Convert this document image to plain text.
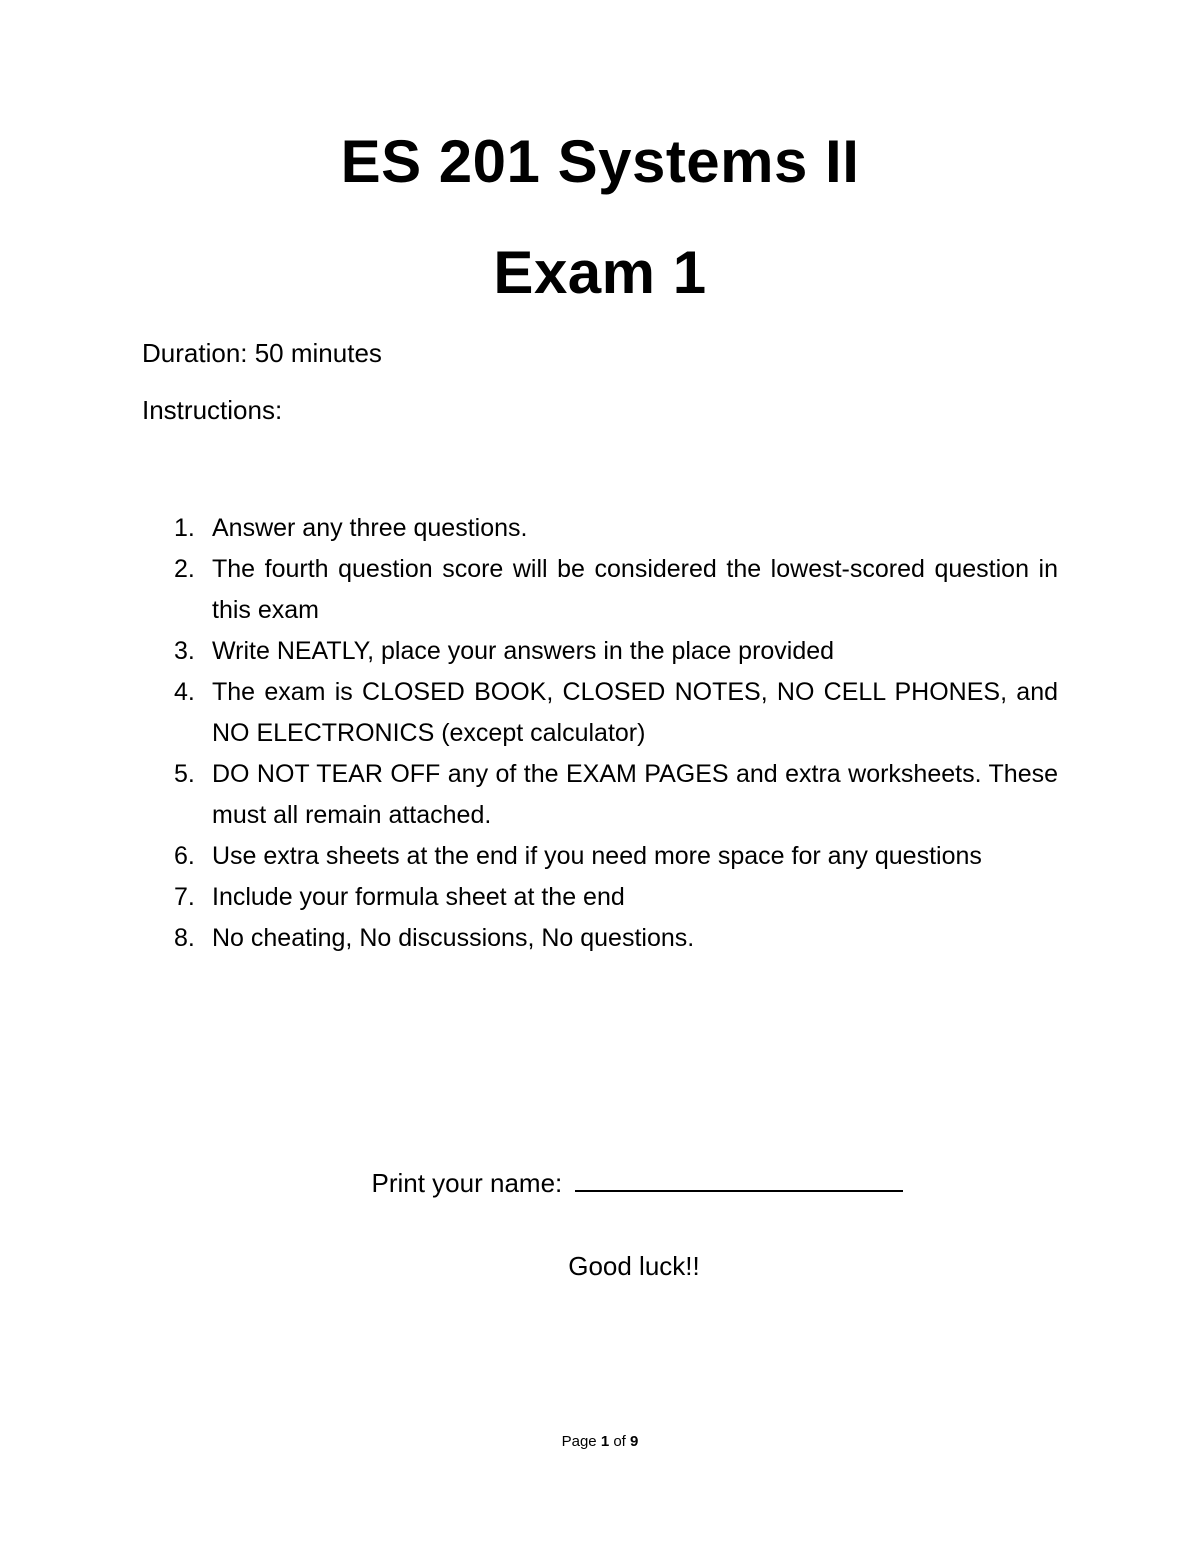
ES 201 Systems II
Exam 1
Duration: 50 minutes
Instructions:
1. Answer any three questions.
2. The fourth question score will be considered the lowest-scored question in this exam
3. Write NEATLY, place your answers in the place provided
4. The exam is CLOSED BOOK, CLOSED NOTES, NO CELL PHONES, and NO ELECTRONICS (except calculator)
5. DO NOT TEAR OFF any of the EXAM PAGES and extra worksheets. These must all remain attached.
6. Use extra sheets at the end if you need more space for any questions
7. Include your formula sheet at the end
8. No cheating, No discussions, No questions.
Print your name:
Good luck!!
Page 1 of 9
